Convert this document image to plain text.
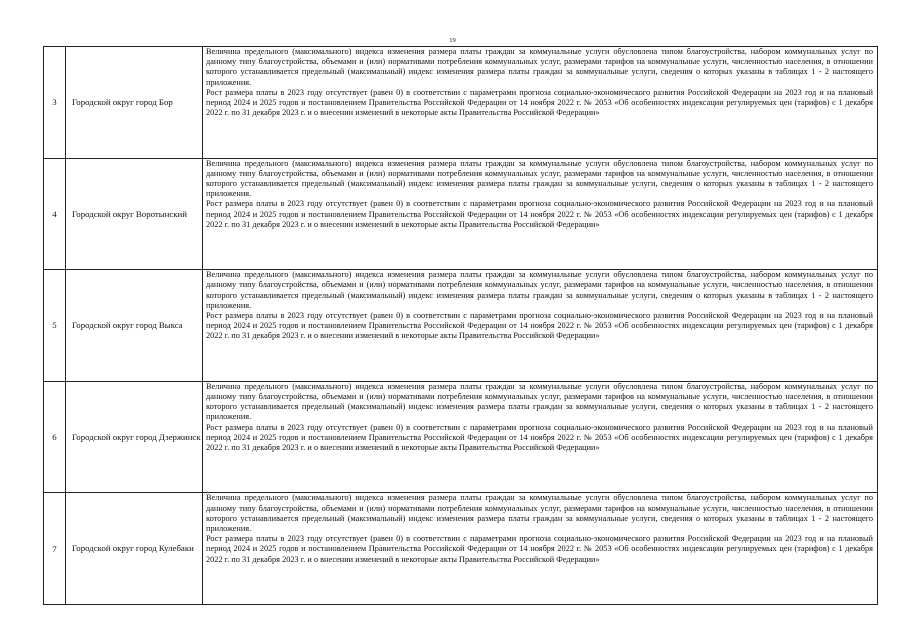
19
3	Городской округ город Бор	Величина предельного (максимального) индекса изменения размера платы граждан за коммунальные услуги обусловлена типом благоустройства, набором коммунальных услуг по данному типу благоустройства, объемами и (или) нормативами потребления коммунальных услуг, размерами тарифов на коммунальные услуги, численностью населения, в отношении которого устанавливается предельный (максимальный) индекс изменения размера платы граждан за коммунальные услуги, сведения о которых указаны в таблицах 1 - 2 настоящего приложения.

Рост размера платы в 2023 году отсутствует (равен 0) в соответствии с параметрами прогноза социально-экономического развития Российской Федерации на 2023 год и на плановый период 2024 и 2025 годов и постановлением Правительства Российской Федерации от 14 ноября 2022 г. № 2053 «Об особенностях индексации регулируемых цен (тарифов) с 1 декабря 2022 г. по 31 декабря 2023 г. и о внесении изменений в некоторые акты Правительства Российской Федерации»

4	Городской округ Воротынский	Величина предельного (максимального) индекса изменения размера платы граждан за коммунальные услуги обусловлена типом благоустройства, набором коммунальных услуг по данному типу благоустройства, объемами и (или) нормативами потребления коммунальных услуг, размерами тарифов на коммунальные услуги, численностью населения, в отношении которого устанавливается предельный (максимальный) индекс изменения размера платы граждан за коммунальные услуги, сведения о которых указаны в таблицах 1 - 2 настоящего приложения.

Рост размера платы в 2023 году отсутствует (равен 0) в соответствии с параметрами прогноза социально-экономического развития Российской Федерации на 2023 год и на плановый период 2024 и 2025 годов и постановлением Правительства Российской Федерации от 14 ноября 2022 г. № 2053 «Об особенностях индексации регулируемых цен (тарифов) с 1 декабря 2022 г. по 31 декабря 2023 г. и о внесении изменений в некоторые акты Правительства Российской Федерации»

5	Городской округ город Выкса	Величина предельного (максимального) индекса изменения размера платы граждан за коммунальные услуги обусловлена типом благоустройства, набором коммунальных услуг по данному типу благоустройства, объемами и (или) нормативами потребления коммунальных услуг, размерами тарифов на коммунальные услуги, численностью населения, в отношении которого устанавливается предельный (максимальный) индекс изменения размера платы граждан за коммунальные услуги, сведения о которых указаны в таблицах 1 - 2 настоящего приложения.

Рост размера платы в 2023 году отсутствует (равен 0) в соответствии с параметрами прогноза социально-экономического развития Российской Федерации на 2023 год и на плановый период 2024 и 2025 годов и постановлением Правительства Российской Федерации от 14 ноября 2022 г. № 2053 «Об особенностях индексации регулируемых цен (тарифов) с 1 декабря 2022 г. по 31 декабря 2023 г. и о внесении изменений в некоторые акты Правительства Российской Федерации»

6	Городской округ город Дзержинск	Величина предельного (максимального) индекса изменения размера платы граждан за коммунальные услуги обусловлена типом благоустройства, набором коммунальных услуг по данному типу благоустройства, объемами и (или) нормативами потребления коммунальных услуг, размерами тарифов на коммунальные услуги, численностью населения, в отношении которого устанавливается предельный (максимальный) индекс изменения размера платы граждан за коммунальные услуги, сведения о которых указаны в таблицах 1 - 2 настоящего приложения.

Рост размера платы в 2023 году отсутствует (равен 0) в соответствии с параметрами прогноза социально-экономического развития Российской Федерации на 2023 год и на плановый период 2024 и 2025 годов и постановлением Правительства Российской Федерации от 14 ноября 2022 г. № 2053 «Об особенностях индексации регулируемых цен (тарифов) с 1 декабря 2022 г. по 31 декабря 2023 г. и о внесении изменений в некоторые акты Правительства Российской Федерации»

7	Городской округ город Кулебаки	Величина предельного (максимального) индекса изменения размера платы граждан за коммунальные услуги обусловлена типом благоустройства, набором коммунальных услуг по данному типу благоустройства, объемами и (или) нормативами потребления коммунальных услуг, размерами тарифов на коммунальные услуги, численностью населения, в отношении которого устанавливается предельный (максимальный) индекс изменения размера платы граждан за коммунальные услуги, сведения о которых указаны в таблицах 1 - 2 настоящего приложения.

Рост размера платы в 2023 году отсутствует (равен 0) в соответствии с параметрами прогноза социально-экономического развития Российской Федерации на 2023 год и на плановый период 2024 и 2025 годов и постановлением Правительства Российской Федерации от 14 ноября 2022 г. № 2053 «Об особенностях индексации регулируемых цен (тарифов) с 1 декабря 2022 г. по 31 декабря 2023 г. и о внесении изменений в некоторые акты Правительства Российской Федерации»
